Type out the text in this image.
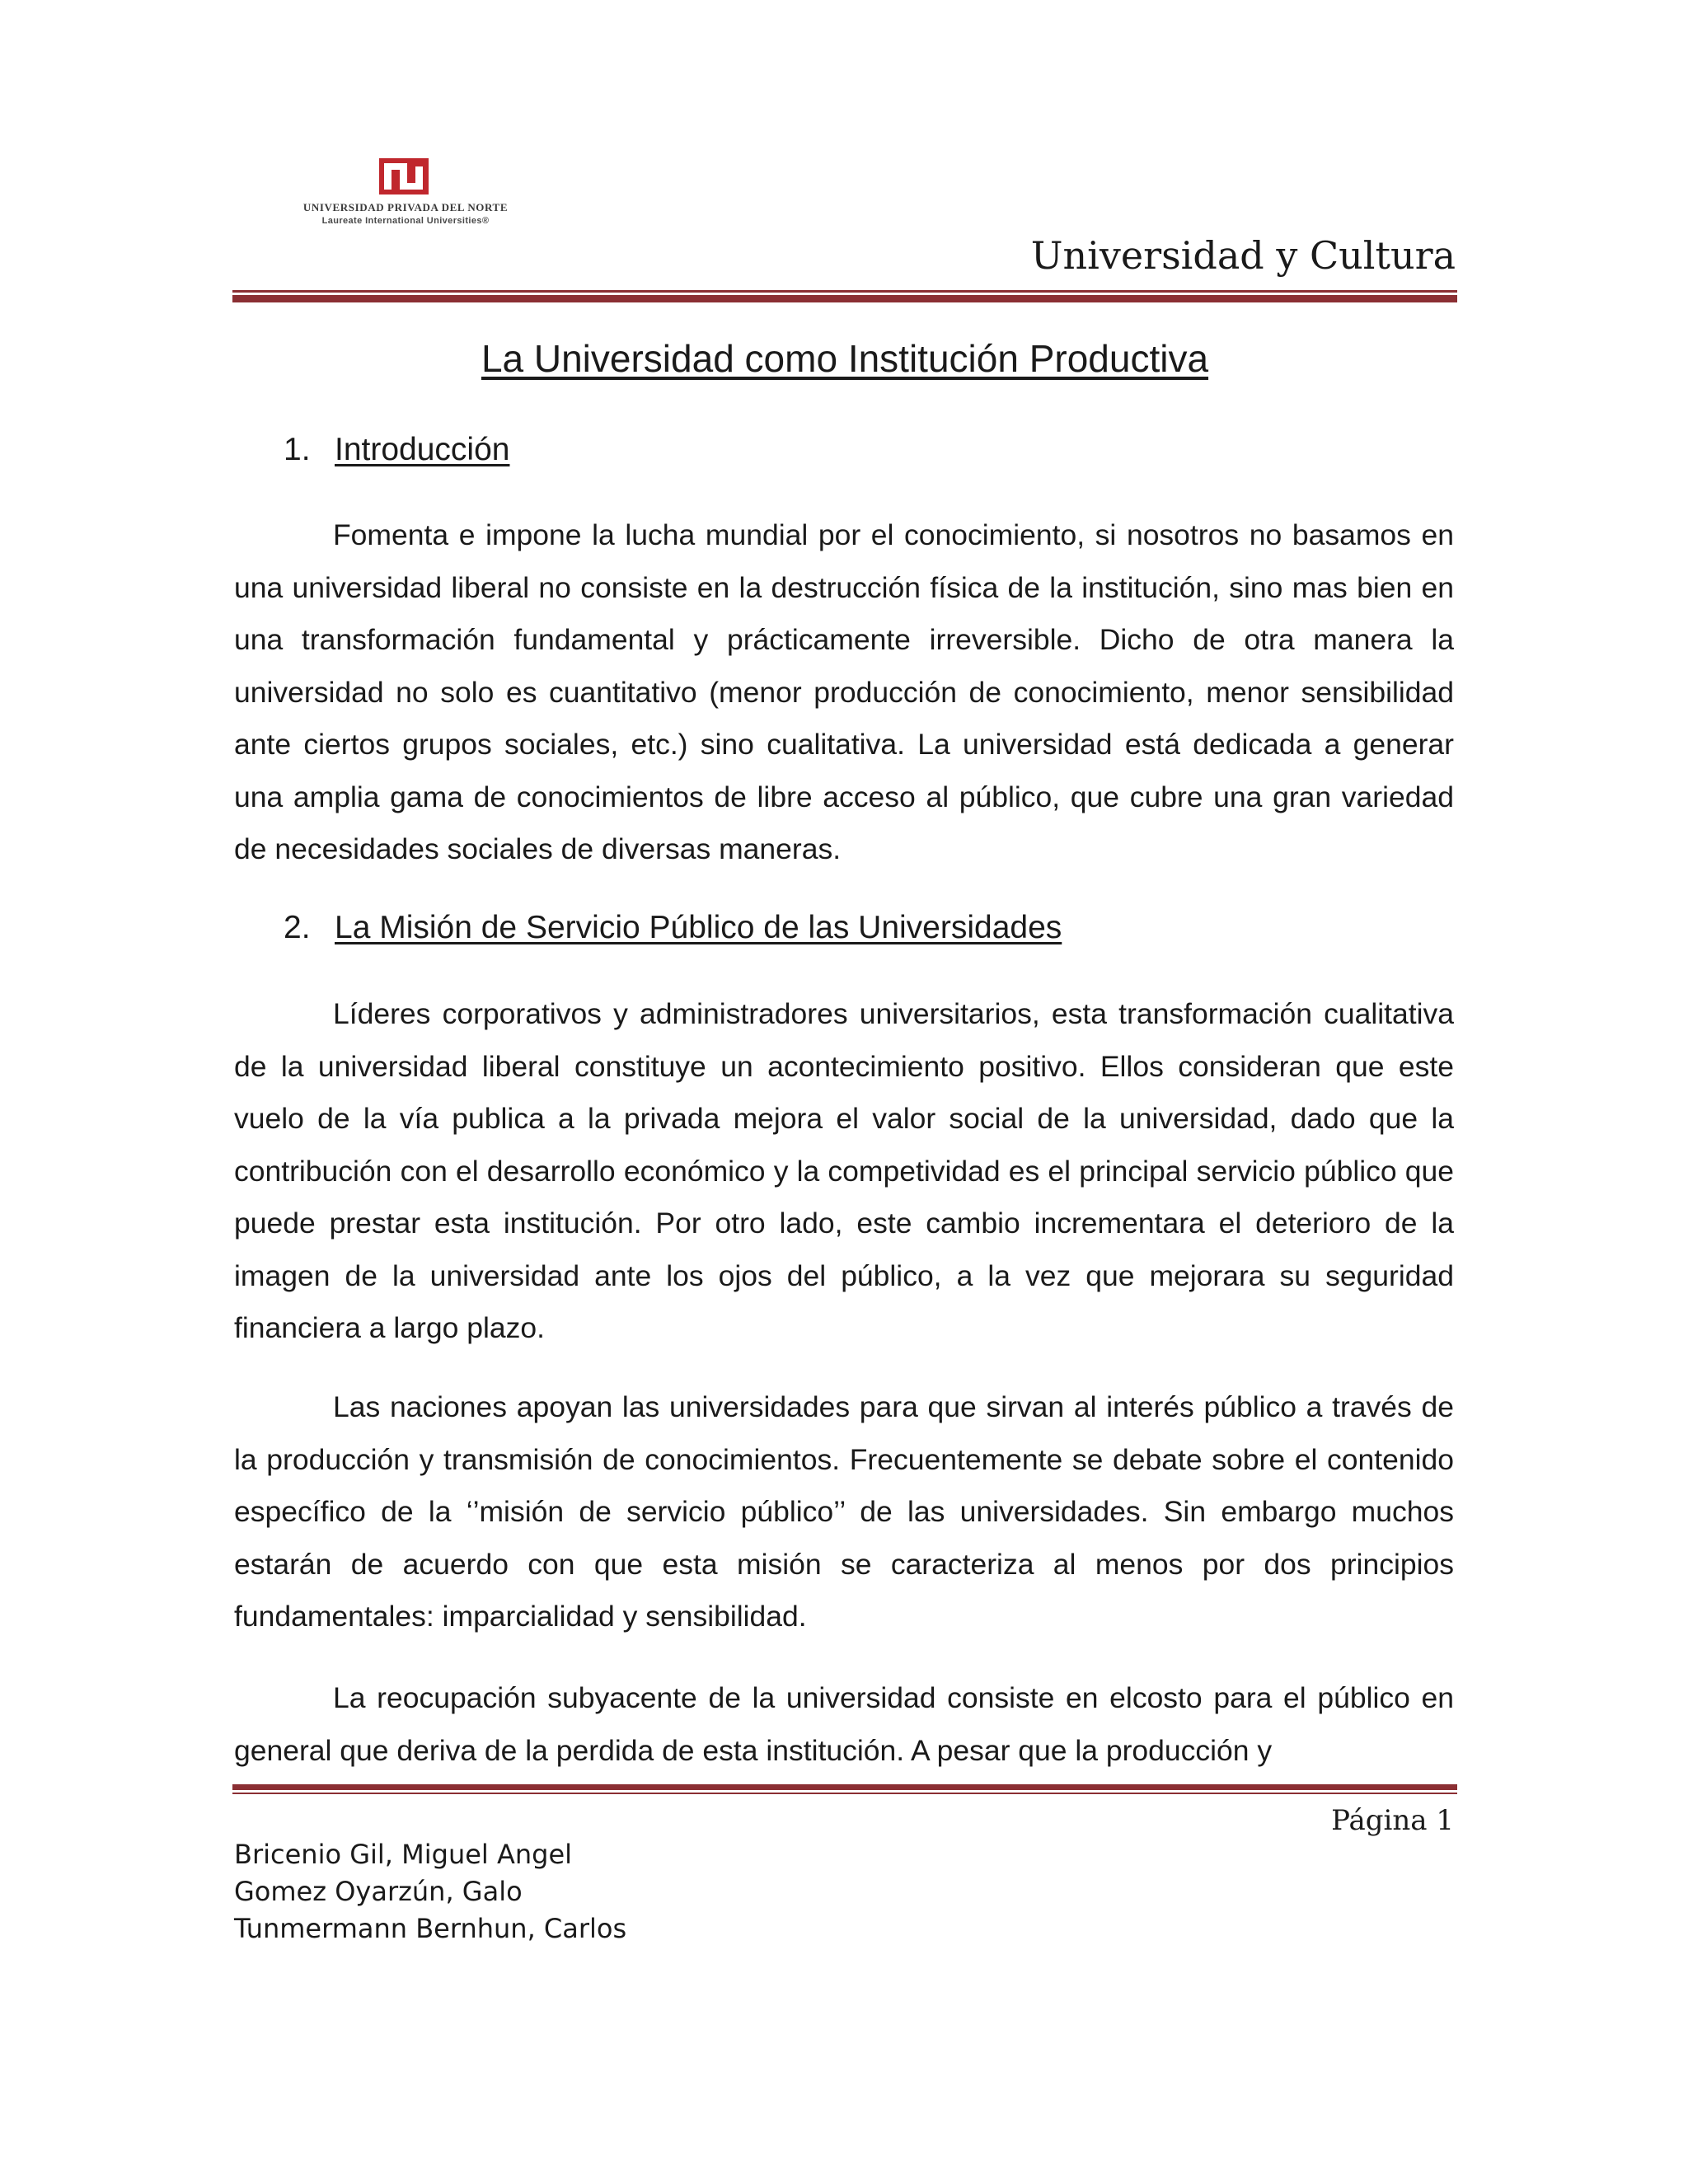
UNIVERSIDAD PRIVADA DEL NORTE
Laureate International Universities®
Universidad y Cultura
La Universidad como Institución Productiva
1. Introducción

Fomenta e impone la lucha mundial por el conocimiento, si nosotros no basamos en una universidad liberal no consiste en la destrucción física de la institución, sino mas bien en una transformación fundamental y prácticamente irreversible. Dicho de otra manera la universidad no solo es cuantitativo (menor producción de conocimiento, menor sensibilidad ante ciertos grupos sociales, etc.) sino cualitativa. La universidad está dedicada a generar una amplia gama de conocimientos de libre acceso al público, que cubre una gran variedad de necesidades sociales de diversas maneras.

2. La Misión de Servicio Público de las Universidades

Líderes corporativos y administradores universitarios, esta transformación cualitativa de la universidad liberal constituye un acontecimiento positivo. Ellos consideran que este vuelo de la vía publica a la privada mejora el valor social de la universidad, dado que la contribución con el desarrollo económico y la competividad es el principal servicio público que puede prestar esta institución. Por otro lado, este cambio incrementara el deterioro de la imagen de la universidad ante los ojos del público, a la vez que mejorara su seguridad financiera a largo plazo.

Las naciones apoyan las universidades para que sirvan al interés público a través de la producción y transmisión de conocimientos. Frecuentemente se debate sobre el contenido específico de la ‘’misión de servicio público’’ de las universidades. Sin embargo muchos estarán de acuerdo con que esta misión se caracteriza al menos por dos principios fundamentales: imparcialidad y sensibilidad.

La reocupación subyacente de la universidad consiste en elcosto para el público en general que deriva de la perdida de esta institución. A pesar que la producción y

Página 1
Bricenio Gil, Miguel Angel
Gomez Oyarzún, Galo
Tunmermann Bernhun, Carlos
